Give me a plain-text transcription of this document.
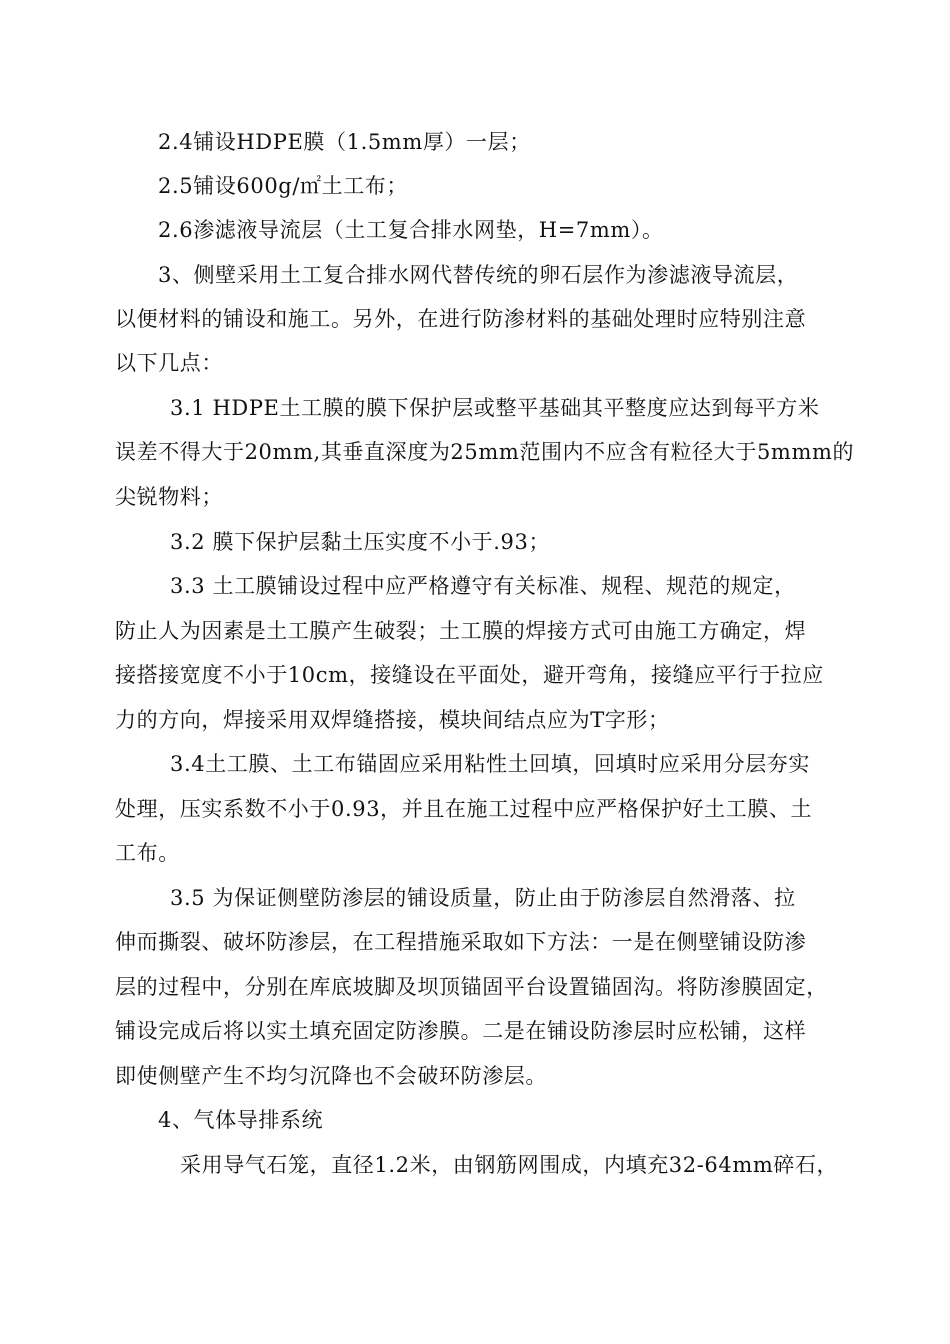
2.4铺设HDPE膜（1.5mm厚）一层；
2.5铺设600g/㎡土工布；
2.6渗滤液导流层（土工复合排水网垫，H=7mm）。
3、侧壁采用土工复合排水网代替传统的卵石层作为渗滤液导流层，
以便材料的铺设和施工。另外，在进行防渗材料的基础处理时应特别注意
以下几点：
3.1 HDPE土工膜的膜下保护层或整平基础其平整度应达到每平方米
误差不得大于20mm,其垂直深度为25mm范围内不应含有粒径大于5mmm的
尖锐物料；
3.2 膜下保护层黏土压实度不小于.93；
3.3 土工膜铺设过程中应严格遵守有关标准、规程、规范的规定，
防止人为因素是土工膜产生破裂；土工膜的焊接方式可由施工方确定，焊
接搭接宽度不小于10cm，接缝设在平面处，避开弯角，接缝应平行于拉应
力的方向，焊接采用双焊缝搭接，模块间结点应为T字形；
3.4土工膜、土工布锚固应采用粘性土回填，回填时应采用分层夯实
处理，压实系数不小于0.93，并且在施工过程中应严格保护好土工膜、土
工布。
3.5 为保证侧壁防渗层的铺设质量，防止由于防渗层自然滑落、拉
伸而撕裂、破坏防渗层，在工程措施采取如下方法：一是在侧壁铺设防渗
层的过程中，分别在库底坡脚及坝顶锚固平台设置锚固沟。将防渗膜固定，
铺设完成后将以实土填充固定防渗膜。二是在铺设防渗层时应松铺，这样
即使侧壁产生不均匀沉降也不会破环防渗层。
4、气体导排系统
采用导气石笼，直径1.2米，由钢筋网围成，内填充32-64mm碎石，
